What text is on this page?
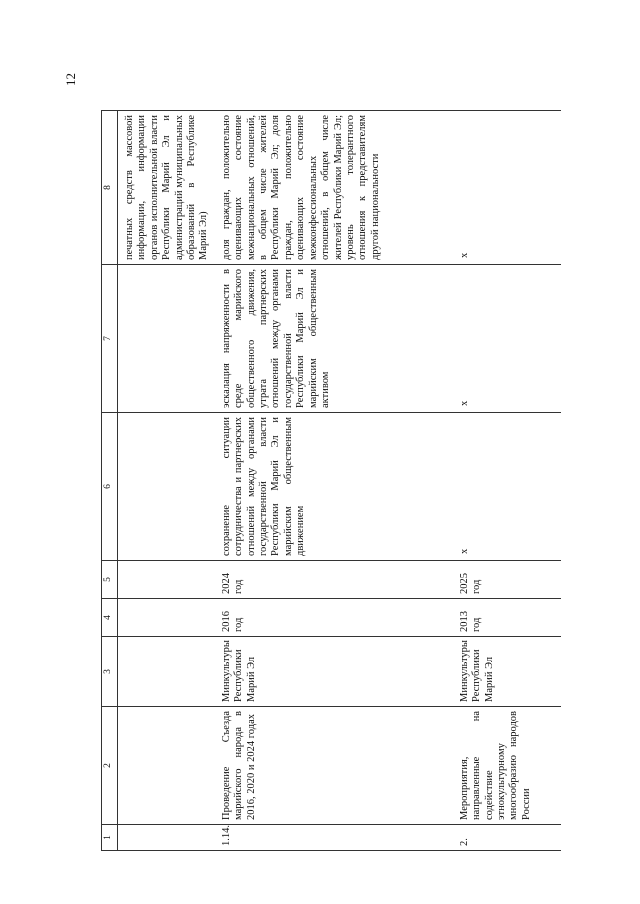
12
1	2	3	4	5	6	7	8
							печатных средств массовой информации, информации органов исполнительной власти Республики Марий Эл и администраций муниципальных образований в Республике Марий Эл)
1.14.	Проведение Съезда марийского народа в 2016, 2020 и 2024 годах	Минкультуры Республики Марий Эл	2016 год	2024 год	сохранение ситуации сотрудничества и партнерских отношений между органами государственной власти Республики Марий Эл и марийским общественным движением	эскалация напряженности в среде марийского общественного движения, утрата партнерских отношений между органами государственной власти Республики Марий Эл и марийским общественным активом	доля граждан, положительно оценивающих состояние межнациональных отношений, в общем числе жителей Республики Марий Эл; доля граждан, положительно оценивающих состояние межконфессиональных отношений, в общем числе жителей Республики Марий Эл; уровень толерантного отношения к представителям другой национальности
2.	Мероприятия, направленные на содействие этнокультурному многообразию народов России	Минкультуры Республики Марий Эл	2013 год	2025 год	х	х	х
